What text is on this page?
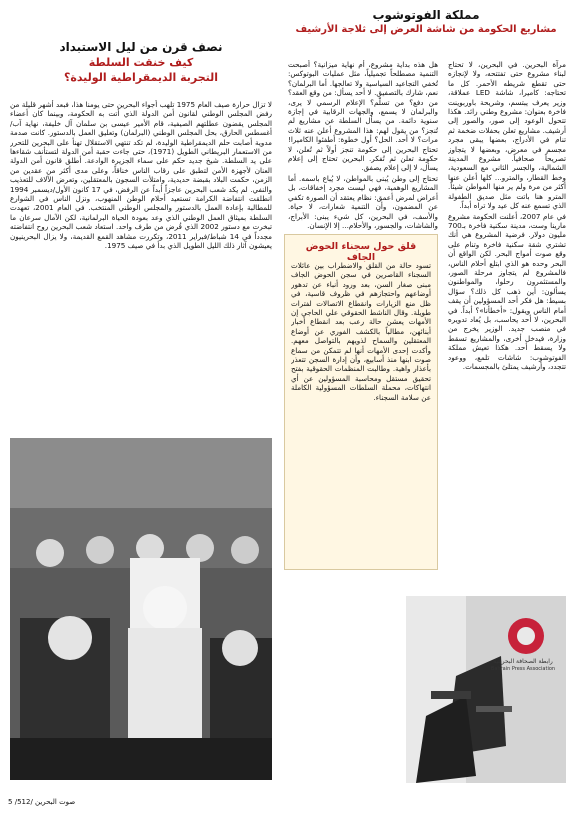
مملكة الفوتوشوب
مشاريع الحكومة من شاشة العرض إلى ثلاجة الأرشيف

مرآة البحرين. في البحرين، لا تحتاج لبناء مشروع حتى تفتتحه، ولا لإنجازه حتى تقطع شريطه الأحمر. كل ما تحتاجه: كاميرا، شاشة LED عملاقة، وزير يعرف يبتسم، وشريحة باوربوينت فاخرة بعنوان: مشروع وطني رائد. هكذا تتحول الوعود إلى صور، والصور إلى أرشيف. مشاريع تعلن بحفلات ضخمة ثم تنام في الأدراج، بعضها يبقى مجرد مجسم في معرض، وبعضها لا يتجاوز تصريحاً صحافياً. مشروع المدينة الشمالية، والجسر الثاني مع السعودية، وخط القطار، والمترو... كلها أعلن عنها أكثر من مرة ولم ير منها المواطن شيئاً. المترو هنا باتت مثل صديق الطفولة الذي تسمع عنه كل عيد ولا تراه أبداً.

في عام 2007، أعلنت الحكومة مشروع مارينا وست، مدينة سكنية فاخرة بـ700 مليون دولار. فرضية المشروع هي أنك تشتري شقة سكنية فاخرة وتنام على وقع صوت أمواج البحر. لكن الواقع أن البحر وحده هو الذي ابتلع أحلام الناس، فالمشروع لم يتجاوز مرحلة الصور، والمستثمرون رحلوا، والمواطنون يسألون: أين ذهب كل ذلك؟ سؤال بسيط: هل فكر أحد المسؤولين أن يقف أمام الناس ويقول: «أخطأنا»؟ أبداً. في البحرين، لا أحد يحاسب، بل يُعاد تدويره في منصب جديد. الوزير يخرج من وزارة، فيدخل أخرى، والمشاريع تسقط ولا يسقط أحد. هكذا تعيش مملكة الفوتوشوب: شاشات تلمع، ووعود تتجدد، وأرشيف يمتلئ بالمجسمات.

هل هذه بداية مشروع، أم نهاية ميزانية؟ أصبحت التنمية مصطلحاً تجميلياً، مثل عمليات البوتوكس: تُخفي التجاعيد السياسية ولا تعالجها. أما البرلمان؟ نعم، شارك بالتصفيق. لا أحد يسأل: من وقع العقد؟ من دفع؟ من تسلّم؟ الإعلام الرسمي لا يرى، والبرلمان لا يسمع، والجهات الرقابية في إجازة سنوية دائمة. من يسأل السلطة عن مشاريع لم تُنجز؟ من يقول لهم: هذا المشروع أعلن عنه ثلاث مرات؟ لا أحد. الحل؟ أول خطوة: أطفئوا الكاميرا! تحتاج البحرين إلى حكومة تنجز أولاً ثم تُعلن، لا حكومة تعلن ثم تُفكر. البحرين تحتاج إلى إعلام يسأل، لا إلى إعلام يصفق.

تحتاج إلى وطن يُبنى بالمواطن، لا يُباع باسمه. أما المشاريع الوهمية، فهي ليست مجرد إخفاقات، بل أعراض لمرض أعمق: نظام يعتقد أن الصورة تكفي عن المضمون، وأن التنمية شعارات، لا حياة. والأسف، في البحرين، كل شيء يبنى: الأبراج، والشاشات، والجسور، والأحلام... إلا الإنسان.

قلق حول سجناء الحوض الجاف
تسود حالة من القلق والاضطراب بين عائلات السجناء القاصرين في سجن الحوض الجاف مبنى صغار السن، بعد ورود أنباء عن تدهور أوضاعهم واحتجازهم في ظروف قاسية، في ظل منع الزيارات وانقطاع الاتصالات لفترات طويلة. وقال الناشط الحقوقي علي الحاجي إن الأمهات يعشن حالة رعب بعد انقطاع أخبار أبنائهن، مطالباً بالكشف الفوري عن أوضاع المعتقلين والسماح لذويهم بالتواصل معهم. وأكدت إحدى الأمهات أنها لم تتمكن من سماع صوت ابنها منذ أسابيع، وأن إدارة السجن تتعذر بأعذار واهية. وطالبت المنظمات الحقوقية بفتح تحقيق مستقل ومحاسبة المسؤولين عن أي انتهاكات، محملة السلطات المسؤولية الكاملة عن سلامة السجناء.
رابطة الصحافة البحرينية
Bahrain Press Association
نصف قرن من ليل الاستبداد
كيف خنقت السلطة
التجربة الديمقراطية الوليدة؟

لا تزال حرارة صيف العام 1975 تلهب أجواء البحرين حتى يومنا هذا، فبعد أشهر قليلة من رفض المجلس الوطني لقانون أمن الدولة الذي أتت به الحكومة، وبينما كان أعضاء المجلس يقضون عطلتهم الصيفية، قام الأمير عيسى بن سلمان آل خليفة، نهاية آب/أغسطس الحارق، بحل المجلس الوطني (البرلمان) وتعليق العمل بالدستور. كانت صدمة مدوية أصابت حلم الديمقراطية الوليدة، لم تكد تنتهي الاستقلال تهنأ على البحرين للتحرر من الاستعمار البريطاني الطويل (1971)، حتى جاءت حقبة أمن الدولة لتستأنف شقاءها على يد السلطة. شيخ جديد حكم على سماء الجزيرة الوادعة. أطلق قانون أمن الدولة العنان لأجهزة الأمن لتطبق على رقاب الناس خناقاً، وعلى مدى أكثر من عقدين من الزمن، حكمت البلاد بقبضة حديدية، وامتلأت السجون بالمعتقلين، وتعرض الآلاف للتعذيب والنفي. لم يكد شعب البحرين عاجزاً أبداً عن الرفض، في 17 كانون الأول/ديسمبر 1994 انطلقت انتفاضة الكرامة تستعيد أحلام الوطن المنهوب، ونزل الناس في الشوارع للمطالبة بإعادة العمل بالدستور والمجلس الوطني المنتخب. في العام 2001، تعهدت السلطة بميثاق العمل الوطني الذي وعد بعودة الحياة البرلمانية، لكن الآمال سرعان ما تبخرت مع دستور 2002 الذي فُرض من طرف واحد. استعاد شعب البحرين روح انتفاضته مجدداً في 14 شباط/فبراير 2011، وتكررت مشاهد القمع القديمة، ولا يزال البحرينيون يعيشون آثار ذلك الليل الطويل الذي بدأ في صيف 1975.

صوت البحرين /512/ 5
